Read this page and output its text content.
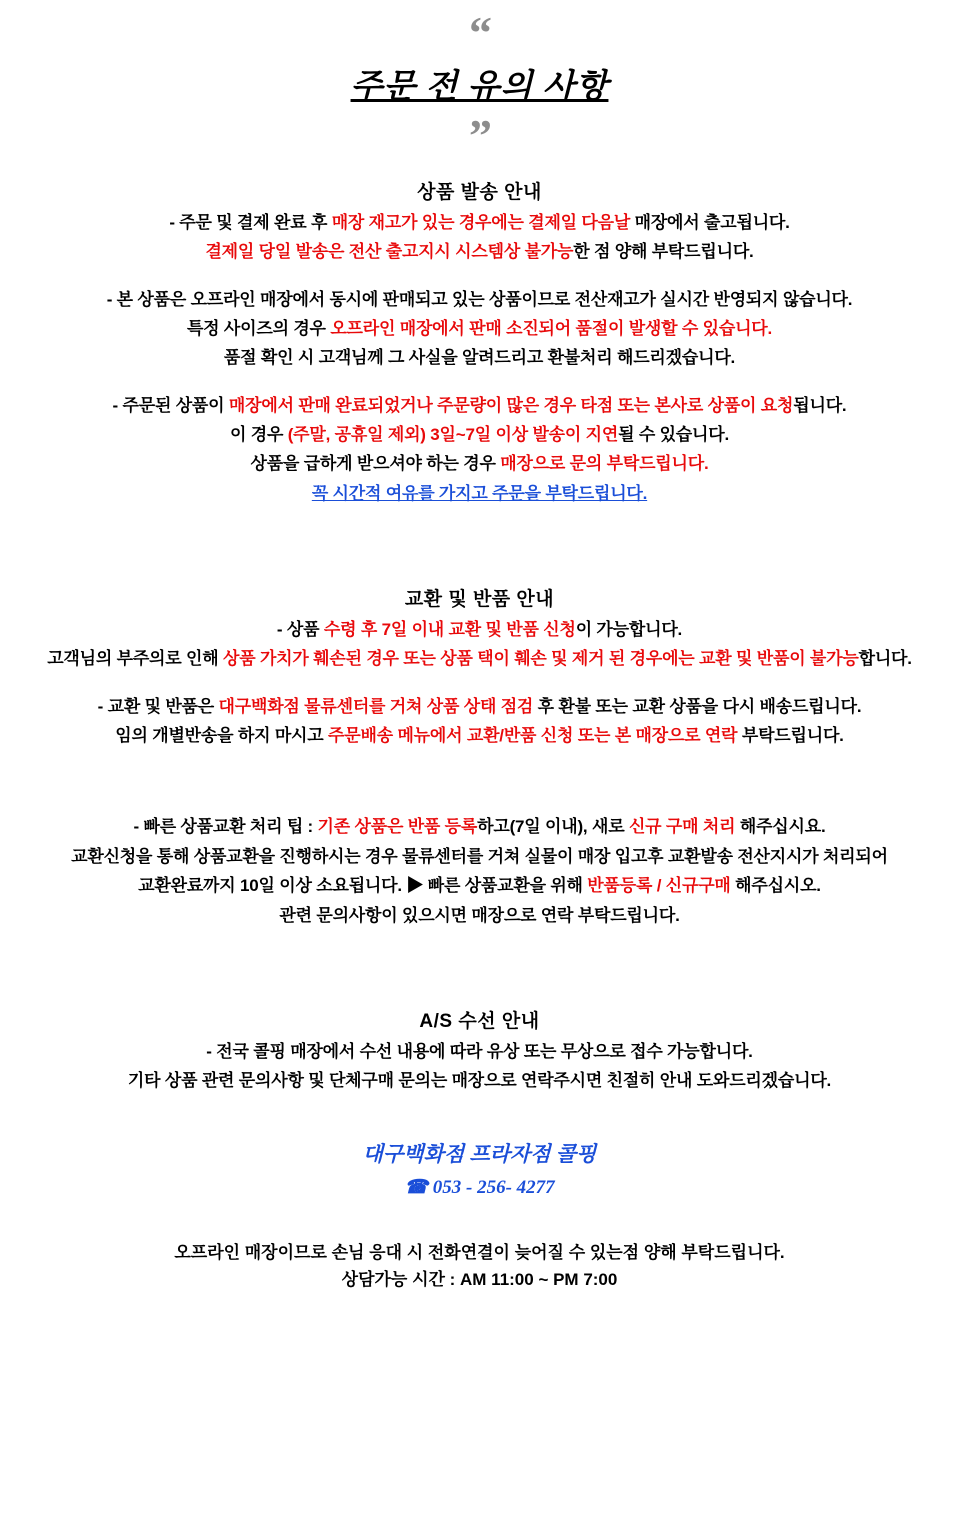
“
주문 전 유의 사항
”
상품 발송 안내

- 주문 및 결제 완료 후 매장 재고가 있는 경우에는 결제일 다음날 매장에서 출고됩니다.

결제일 당일 발송은 전산 출고지시 시스템상 불가능한 점 양해 부탁드립니다.

- 본 상품은 오프라인 매장에서 동시에 판매되고 있는 상품이므로 전산재고가 실시간 반영되지 않습니다.

특정 사이즈의 경우 오프라인 매장에서 판매 소진되어 품절이 발생할 수 있습니다.

품절 확인 시 고객님께 그 사실을 알려드리고 환불처리 해드리겠습니다.

- 주문된 상품이 매장에서 판매 완료되었거나 주문량이 많은 경우 타점 또는 본사로 상품이 요청됩니다.

이 경우 (주말, 공휴일 제외) 3일~7일 이상 발송이 지연될 수 있습니다.

상품을 급하게 받으셔야 하는 경우 매장으로 문의 부탁드립니다.

꼭 시간적 여유를 가지고 주문을 부탁드립니다.

교환 및 반품 안내

- 상품 수령 후 7일 이내 교환 및 반품 신청이 가능합니다.

고객님의 부주의로 인해 상품 가치가 훼손된 경우 또는 상품 택이 훼손 및 제거 된 경우에는 교환 및 반품이 불가능합니다.

- 교환 및 반품은 대구백화점 물류센터를 거쳐 상품 상태 점검 후 환불 또는 교환 상품을 다시 배송드립니다.

임의 개별반송을 하지 마시고 주문배송 메뉴에서 교환/반품 신청 또는 본 매장으로 연락 부탁드립니다.

- 빠른 상품교환 처리 팁 : 기존 상품은 반품 등록하고(7일 이내), 새로 신규 구매 처리 해주십시요.

교환신청을 통해 상품교환을 진행하시는 경우 물류센터를 거쳐 실물이 매장 입고후 교환발송 전산지시가 처리되어

교환완료까지 10일 이상 소요됩니다. ▶ 빠른 상품교환을 위해 반품등록 / 신규구매 해주십시오.

관련 문의사항이 있으시면 매장으로 연락 부탁드립니다.

A/S 수선 안내

- 전국 콜핑 매장에서 수선 내용에 따라 유상 또는 무상으로 접수 가능합니다.

기타 상품 관련 문의사항 및 단체구매 문의는 매장으로 연락주시면 친절히 안내 도와드리겠습니다.

대구백화점 프라자점 콜핑
☎ 053 - 256- 4277

오프라인 매장이므로 손님 응대 시 전화연결이 늦어질 수 있는점 양해 부탁드립니다.

상담가능 시간 : AM 11:00 ~ PM 7:00
